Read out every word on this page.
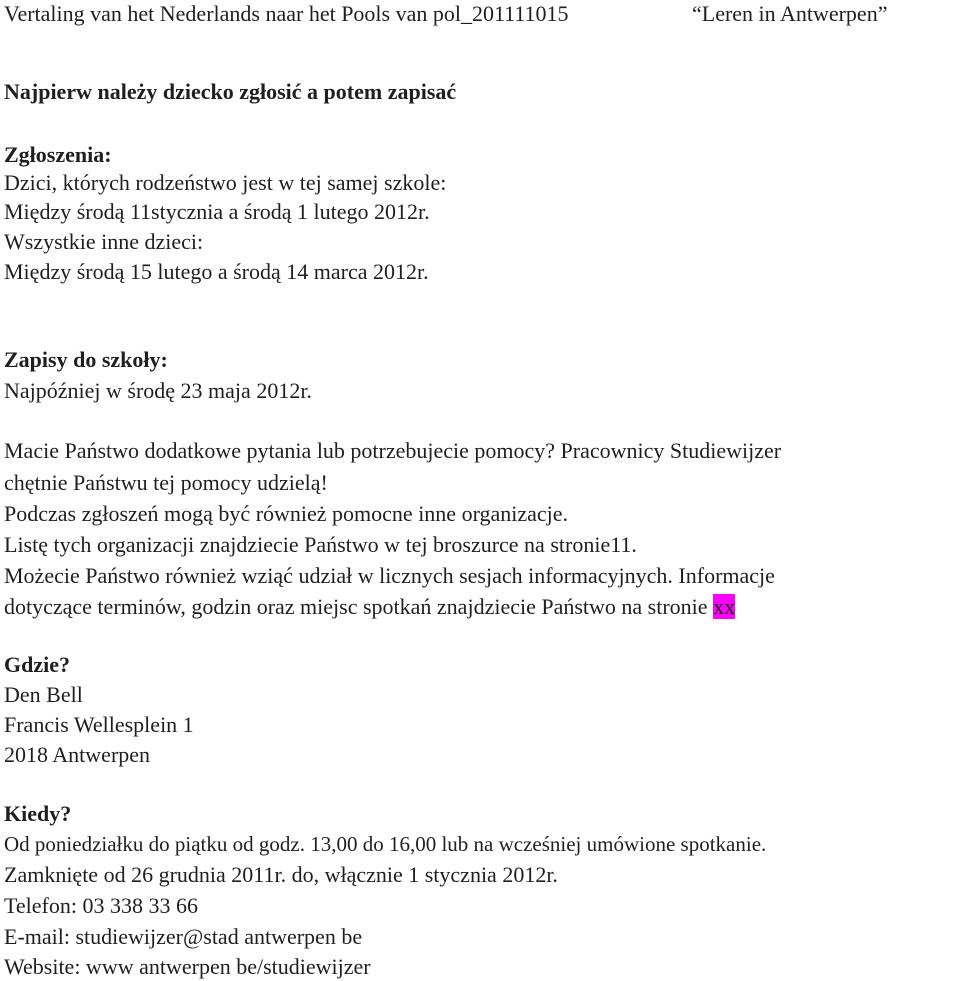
Vertaling van het Nederlands naar het Pools van pol_201111015	“Leren in Antwerpen”
Najpierw należy dziecko zgłosić a potem zapisać
Zgłoszenia:
Dzici, których rodzeństwo jest w tej samej szkole:
Między środą 11stycznia a środą 1 lutego 2012r.
Wszystkie inne dzieci:
Między środą 15 lutego a środą 14 marca 2012r.
Zapisy do szkoły:
Najpóźniej w środę 23 maja 2012r.
Macie Państwo dodatkowe pytania lub potrzebujecie pomocy? Pracownicy Studiewijzer
chętnie Państwu tej pomocy udzielą!
Podczas zgłoszeń mogą być również pomocne inne organizacje.
Listę tych organizacji znajdziecie Państwo w tej broszurce na stronie11.
Możecie Państwo również wziąć udział w licznych sesjach informacyjnych. Informacje
dotyczące terminów, godzin oraz miejsc spotkań znajdziecie Państwo na stronie xx
Gdzie?
Den Bell
Francis Wellesplein 1
2018 Antwerpen
Kiedy?
Od poniedziałku do piątku od godz. 13,00 do 16,00 lub na wcześniej umówione spotkanie.
Zamknięte od 26 grudnia 2011r. do, włącznie 1 stycznia 2012r.
Telefon: 03 338 33 66
E-mail: studiewijzer@stad antwerpen be
Website: www antwerpen be/studiewijzer
